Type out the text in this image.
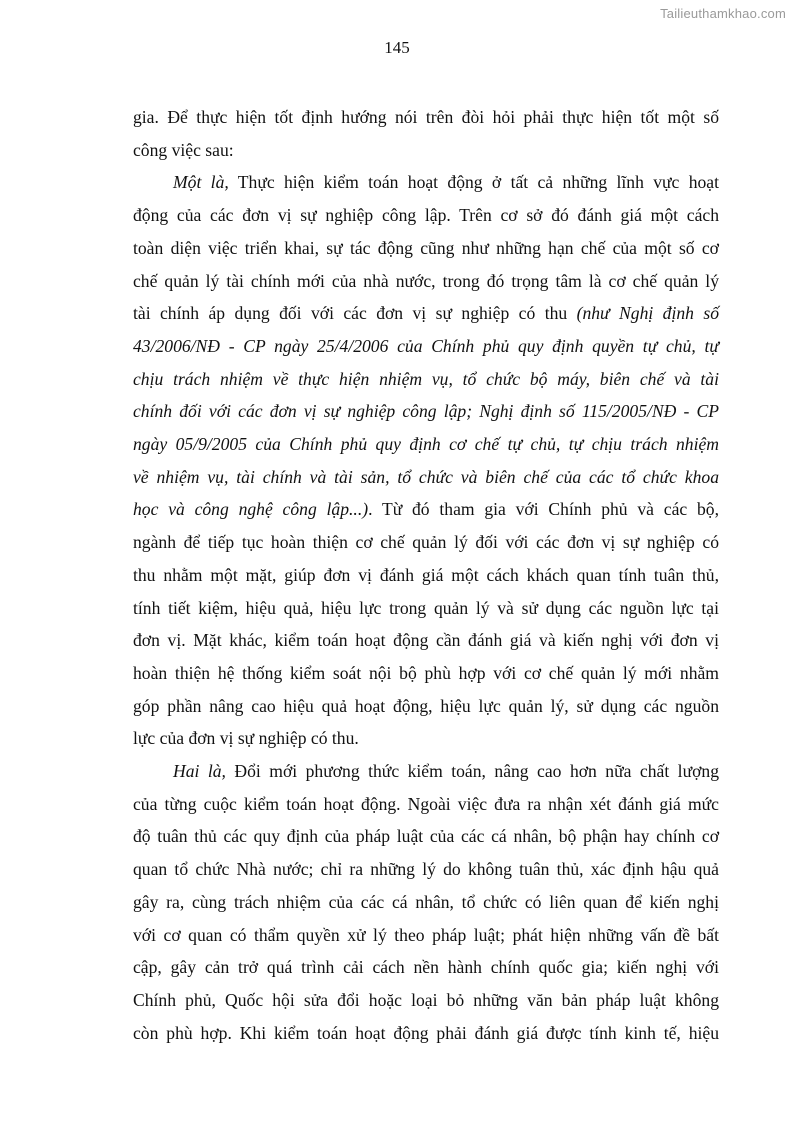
Tailieuthamkhao.com
145
gia. Để thực hiện tốt định hướng nói trên đòi hỏi phải thực hiện tốt một số
công việc sau:
Một là, Thực hiện kiểm toán hoạt động ở tất cả những lĩnh vực hoạt
động của các đơn vị sự nghiệp công lập. Trên cơ sở đó đánh giá một cách
toàn diện việc triển khai, sự tác động cũng như những hạn chế của một số cơ
chế quản lý tài chính mới của nhà nước, trong đó trọng tâm là cơ chế quản lý
tài chính áp dụng đối với các đơn vị sự nghiệp có thu (như Nghị định số
43/2006/NĐ - CP ngày 25/4/2006 của Chính phủ quy định quyền tự chủ, tự
chịu trách nhiệm về thực hiện nhiệm vụ, tổ chức bộ máy, biên chế và tài
chính đối với các đơn vị sự nghiệp công lập; Nghị định số 115/2005/NĐ - CP
ngày 05/9/2005 của Chính phủ quy định cơ chế tự chủ, tự chịu trách nhiệm
về nhiệm vụ, tài chính và tài sản, tổ chức và biên chế của các tổ chức khoa
học và công nghệ công lập...). Từ đó tham gia với Chính phủ và các bộ,
ngành để tiếp tục hoàn thiện cơ chế quản lý đối với các đơn vị sự nghiệp có
thu nhằm một mặt, giúp đơn vị đánh giá một cách khách quan tính tuân thủ,
tính tiết kiệm, hiệu quả, hiệu lực trong quản lý và sử dụng các nguồn lực tại
đơn vị. Mặt khác, kiểm toán hoạt động cần đánh giá và kiến nghị với đơn vị
hoàn thiện hệ thống kiểm soát nội bộ phù hợp với cơ chế quản lý mới nhằm
góp phần nâng cao hiệu quả hoạt động, hiệu lực quản lý, sử dụng các nguồn
lực của đơn vị sự nghiệp có thu.
Hai là, Đổi mới phương thức kiểm toán, nâng cao hơn nữa chất lượng
của từng cuộc kiểm toán hoạt động. Ngoài việc đưa ra nhận xét đánh giá mức
độ tuân thủ các quy định của pháp luật của các cá nhân, bộ phận hay chính cơ
quan tổ chức Nhà nước; chỉ ra những lý do không tuân thủ, xác định hậu quả
gây ra, cùng trách nhiệm của các cá nhân, tổ chức có liên quan để kiến nghị
với cơ quan có thẩm quyền xử lý theo pháp luật; phát hiện những vấn đề bất
cập, gây cản trở quá trình cải cách nền hành chính quốc gia; kiến nghị với
Chính phủ, Quốc hội sửa đổi hoặc loại bỏ những văn bản pháp luật không
còn phù hợp. Khi kiểm toán hoạt động phải đánh giá được tính kinh tế, hiệu
